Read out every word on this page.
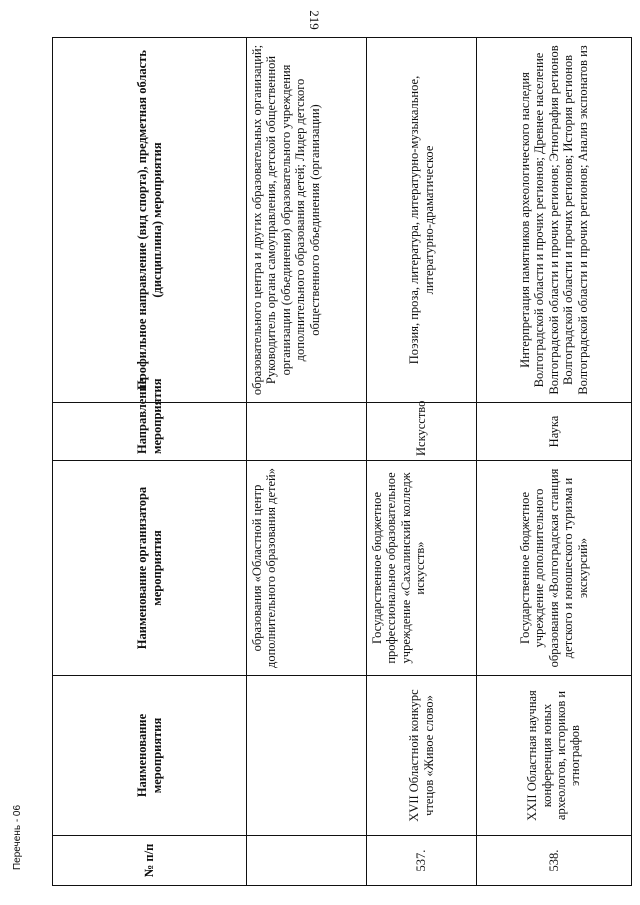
219
№ п/п	Наименование мероприятия	Наименование организатора мероприятия	Направление мероприятия	Профильное направление (вид спорта), предметная область (дисциплина) мероприятия
		образования «Областной центр дополнительного образования детей»		образовательного центра и других образовательных организаций; Руководитель органа самоуправления, детской общественной организации (объединения) образовательного учреждения дополнительного образования детей; Лидер детского общественного объединения (организации)
537.	XVII Областной конкурс чтецов «Живое слово»	Государственное бюджетное профессиональное образовательное учреждение «Сахалинский колледж искусств»	Искусство	Поэзия, проза, литература, литературно-музыкальное, литературно-драматическое
538.	XXII Областная научная конференция юных археологов, историков и этнографов	Государственное бюджетное учреждение дополнительного образования «Волгоградская станция детского и юношеского туризма и экскурсий»	Наука	Интерпретация памятников археологического наследия Волгоградской области и прочих регионов; Древнее население Волгоградской области и прочих регионов; Этнография регионов Волгоградской области и прочих регионов; История регионов Волгоградской области и прочих регионов; Анализ экспонатов из
Перечень - 06
